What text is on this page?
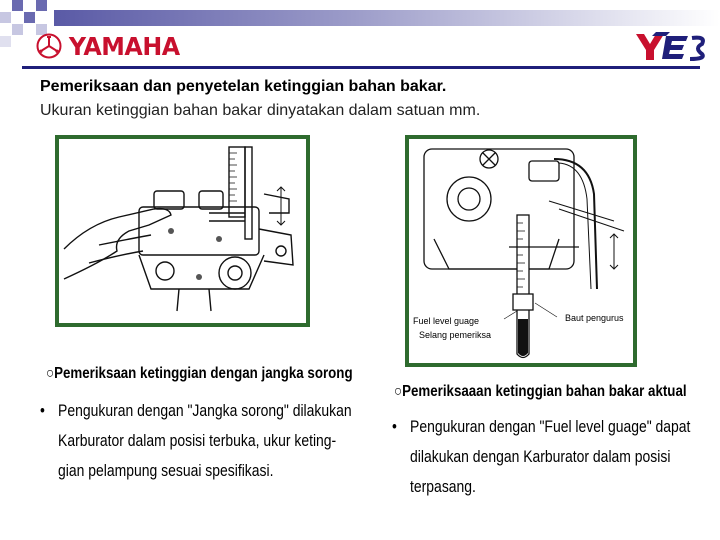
YAMAHA
Pemeriksaan dan penyetelan ketinggian bahan bakar.
Ukuran ketinggian bahan bakar dinyatakan dalam satuan mm.
Fuel level guage
Selang pemeriksa
Baut pengurus
○Pemeriksaan ketinggian dengan jangka sorong
• Pengukuran dengan "Jangka sorong" dilakukan
Karburator dalam posisi terbuka, ukur keting-
gian pelampung sesuai spesifikasi.
○Pemeriksaaan ketinggian bahan bakar aktual
• Pengukuran dengan "Fuel level guage" dapat
dilakukan dengan Karburator dalam posisi
terpasang.
